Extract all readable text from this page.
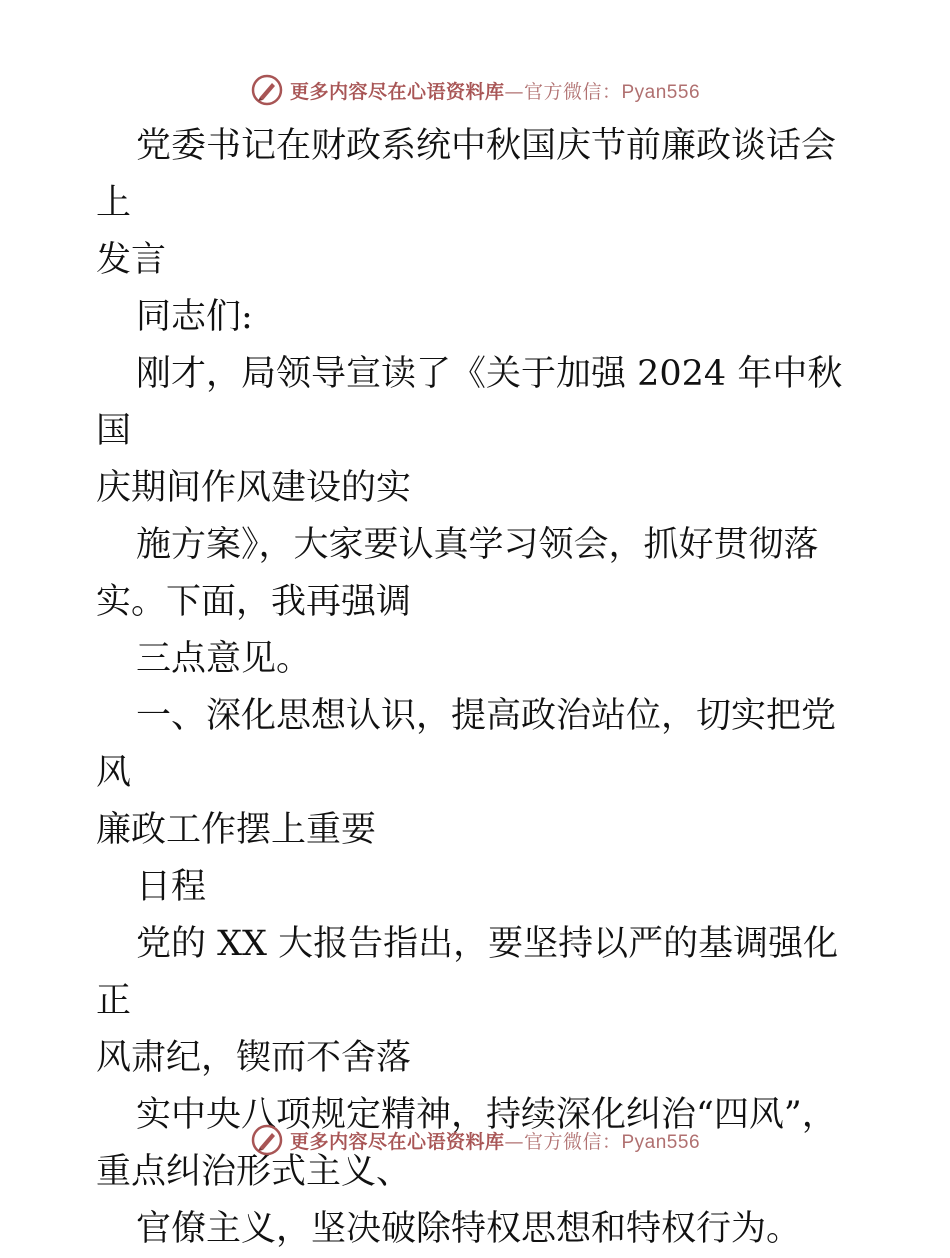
更多内容尽在心语资料库—官方微信：Pyan556

党委书记在财政系统中秋国庆节前廉政谈话会上

发言

同志们:

刚才，局领导宣读了《关于加强 2024 年中秋国

庆期间作风建设的实

施方案》，大家要认真学习领会，抓好贯彻落

实。下面，我再强调

三点意见。

一、深化思想认识，提高政治站位，切实把党风

廉政工作摆上重要

日程

党的 XX 大报告指出，要坚持以严的基调强化正

风肃纪，锲而不舍落

实中央八项规定精神，持续深化纠治“四风”，

重点纠治形式主义、

官僚主义，坚决破除特权思想和特权行为。

更多内容尽在心语资料库—官方微信：Pyan556
